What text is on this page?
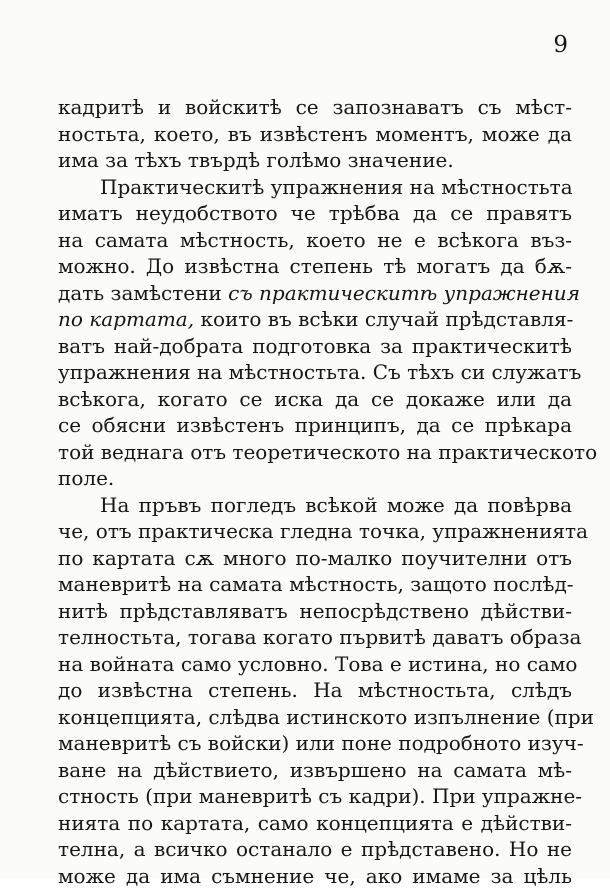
9
кадритѣ и войскитѣ се запознаватъ съ мѣст-
ностьта, което, въ извѣстенъ моментъ, може да
има за тѣхъ твърдѣ голѣмо значение.
Практическитѣ упражнения на мѣстностьта
иматъ неудобството че трѣбва да се правятъ
на самата мѣстность, което не е всѣкога въз-
можно. До извѣстна степень тѣ могатъ да бѫ-
дать замѣстени съ практическитѣ упражнения
по картата, които въ всѣки случай прѣдставля-
ватъ най-добрата подготовка за практическитѣ
упражнения на мѣстностьта. Съ тѣхъ си служатъ
всѣкога, когато се иска да се докаже или да
се обясни извѣстенъ принципъ, да се прѣкара
той веднага отъ теоретическото на практическото
поле.
На пръвъ погледъ всѣкой може да повѣрва
че, отъ практическа гледна точка, упражненията
по картата сѫ много по-малко поучителни отъ
маневритѣ на самата мѣстность, защото послѣд-
нитѣ прѣдставляватъ непосрѣдствено дѣйстви-
телностьта, тогава когато първитѣ даватъ образа
на войната само условно. Това е истина, но само
до извѣстна степень. На мѣстностьта, слѣдъ
концепцията, слѣдва истинското изпълнение (при
маневритѣ съ войски) или поне подробното изуч-
ване на дѣйствието, извършено на самата мѣ-
стность (при маневритѣ съ кадри). При упражне-
нията по картата, само концепцията е дѣйстви-
телна, а всичко останало е прѣдставено. Но не
може да има съмнение че, ако имаме за цѣль
